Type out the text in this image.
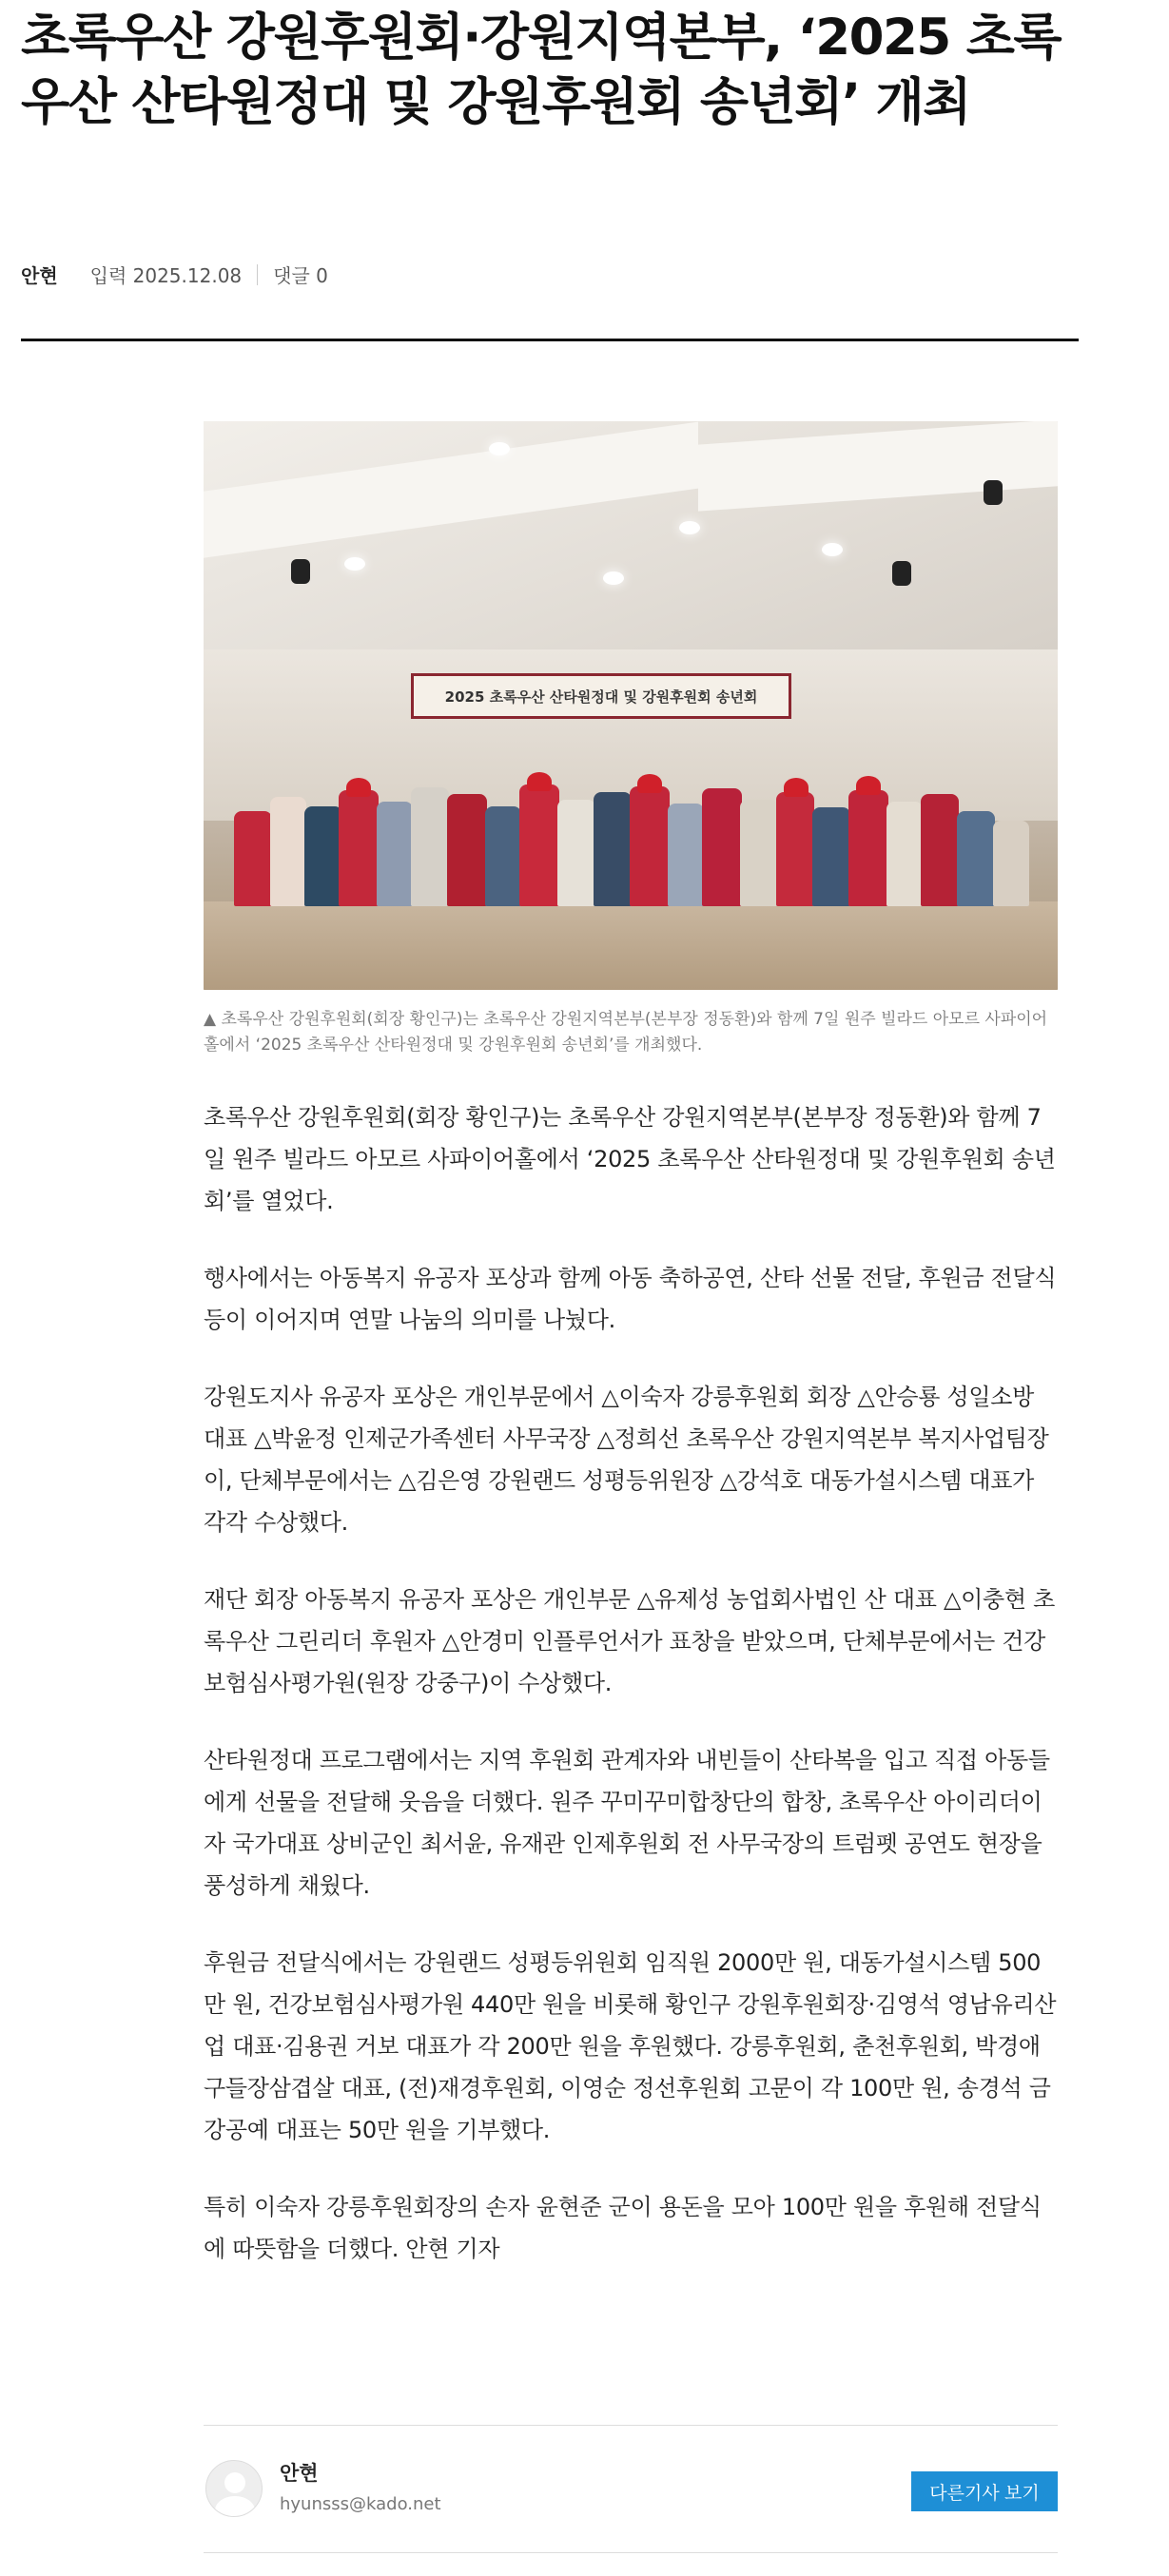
초록우산 강원후원회·강원지역본부, ‘2025 초록우산 산타원정대 및 강원후원회 송년회’ 개최
안현 입력 2025.12.08 댓글 0
2025 초록우산 산타원정대 및 강원후원회 송년회
▲ 초록우산 강원후원회(회장 황인구)는 초록우산 강원지역본부(본부장 정동환)와 함께 7일 원주 빌라드 아모르 사파이어홀에서 ‘2025 초록우산 산타원정대 및 강원후원회 송년회’를 개최했다.

초록우산 강원후원회(회장 황인구)는 초록우산 강원지역본부(본부장 정동환)와 함께 7일 원주 빌라드 아모르 사파이어홀에서 ‘2025 초록우산 산타원정대 및 강원후원회 송년회’를 열었다.

행사에서는 아동복지 유공자 포상과 함께 아동 축하공연, 산타 선물 전달, 후원금 전달식 등이 이어지며 연말 나눔의 의미를 나눴다.

강원도지사 유공자 포상은 개인부문에서 △이숙자 강릉후원회 회장 △안승룡 성일소방 대표 △박윤정 인제군가족센터 사무국장 △정희선 초록우산 강원지역본부 복지사업팀장이, 단체부문에서는 △김은영 강원랜드 성평등위원장 △강석호 대동가설시스템 대표가 각각 수상했다.

재단 회장 아동복지 유공자 포상은 개인부문 △유제성 농업회사법인 산 대표 △이충현 초록우산 그린리더 후원자 △안경미 인플루언서가 표창을 받았으며, 단체부문에서는 건강보험심사평가원(원장 강중구)이 수상했다.

산타원정대 프로그램에서는 지역 후원회 관계자와 내빈들이 산타복을 입고 직접 아동들에게 선물을 전달해 웃음을 더했다. 원주 꾸미꾸미합창단의 합창, 초록우산 아이리더이자 국가대표 상비군인 최서윤, 유재관 인제후원회 전 사무국장의 트럼펫 공연도 현장을 풍성하게 채웠다.

후원금 전달식에서는 강원랜드 성평등위원회 임직원 2000만 원, 대동가설시스템 500만 원, 건강보험심사평가원 440만 원을 비롯해 황인구 강원후원회장·김영석 영남유리산업 대표·김용권 거보 대표가 각 200만 원을 후원했다. 강릉후원회, 춘천후원회, 박경애 구들장삼겹살 대표, (전)재경후원회, 이영순 정선후원회 고문이 각 100만 원, 송경석 금강공예 대표는 50만 원을 기부했다.

특히 이숙자 강릉후원회장의 손자 윤현준 군이 용돈을 모아 100만 원을 후원해 전달식에 따뜻함을 더했다. 안현 기자

안현
hyunsss@kado.net
다른기사 보기
